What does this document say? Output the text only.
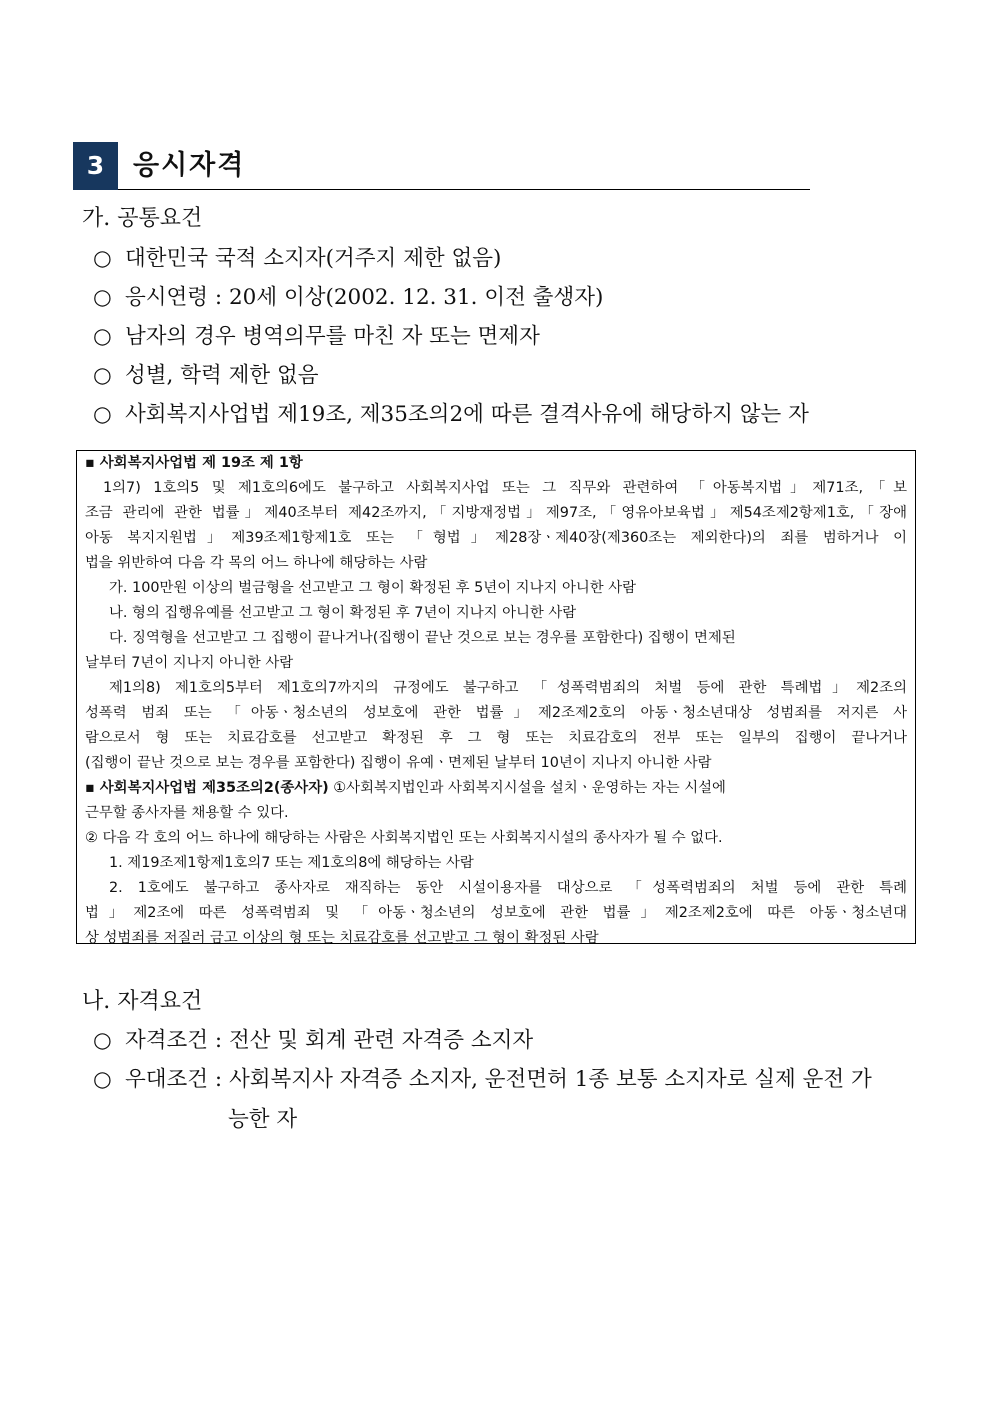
3	응시자격
가. 공통요건
○ 대한민국 국적 소지자(거주지 제한 없음)
○ 응시연령 : 20세 이상(2002. 12. 31. 이전 출생자)
○ 남자의 경우 병역의무를 마친 자 또는 면제자
○ 성별, 학력 제한 없음
○ 사회복지사업법 제19조, 제35조의2에 따른 결격사유에 해당하지 않는 자
▪ 사회복지사업법 제 19조 제 1항
1의7) 1호의5 및 제1호의6에도 불구하고 사회복지사업 또는 그 직무와 관련하여 「아동복지법」제71조,「보
조금 관리에 관한 법률」제40조부터 제42조까지,「지방재정법」제97조,「영유아보육법」제54조제2항제1호,「장애
아동 복지지원법」제39조제1항제1호 또는 「형법」제28장ㆍ제40장(제360조는 제외한다)의 죄를 범하거나 이
법을 위반하여 다음 각 목의 어느 하나에 해당하는 사람
가. 100만원 이상의 벌금형을 선고받고 그 형이 확정된 후 5년이 지나지 아니한 사람
나. 형의 집행유예를 선고받고 그 형이 확정된 후 7년이 지나지 아니한 사람
다. 징역형을 선고받고 그 집행이 끝나거나(집행이 끝난 것으로 보는 경우를 포함한다) 집행이 면제된
날부터 7년이 지나지 아니한 사람
제1의8) 제1호의5부터 제1호의7까지의 규정에도 불구하고 「성폭력범죄의 처벌 등에 관한 특례법」제2조의
성폭력 범죄 또는 「아동ㆍ청소년의 성보호에 관한 법률」제2조제2호의 아동ㆍ청소년대상 성범죄를 저지른 사
람으로서 형 또는 치료감호를 선고받고 확정된 후 그 형 또는 치료감호의 전부 또는 일부의 집행이 끝나거나
(집행이 끝난 것으로 보는 경우를 포함한다) 집행이 유예ㆍ면제된 날부터 10년이 지나지 아니한 사람
▪ 사회복지사업법 제35조의2(종사자) ①사회복지법인과 사회복지시설을 설치ㆍ운영하는 자는 시설에
근무할 종사자를 채용할 수 있다.
② 다음 각 호의 어느 하나에 해당하는 사람은 사회복지법인 또는 사회복지시설의 종사자가 될 수 없다.
1. 제19조제1항제1호의7 또는 제1호의8에 해당하는 사람
2. 1호에도 불구하고 종사자로 재직하는 동안 시설이용자를 대상으로 「성폭력범죄의 처벌 등에 관한 특례
법」제2조에 따른 성폭력범죄 및 「아동ㆍ청소년의 성보호에 관한 법률」제2조제2호에 따른 아동ㆍ청소년대
상 성범죄를 저질러 금고 이상의 형 또는 치료감호를 선고받고 그 형이 확정된 사람
나. 자격요건
○ 자격조건 : 전산 및 회계 관련 자격증 소지자
○ 우대조건 : 사회복지사 자격증 소지자, 운전면허 1종 보통 소지자로 실제 운전 가
능한 자
